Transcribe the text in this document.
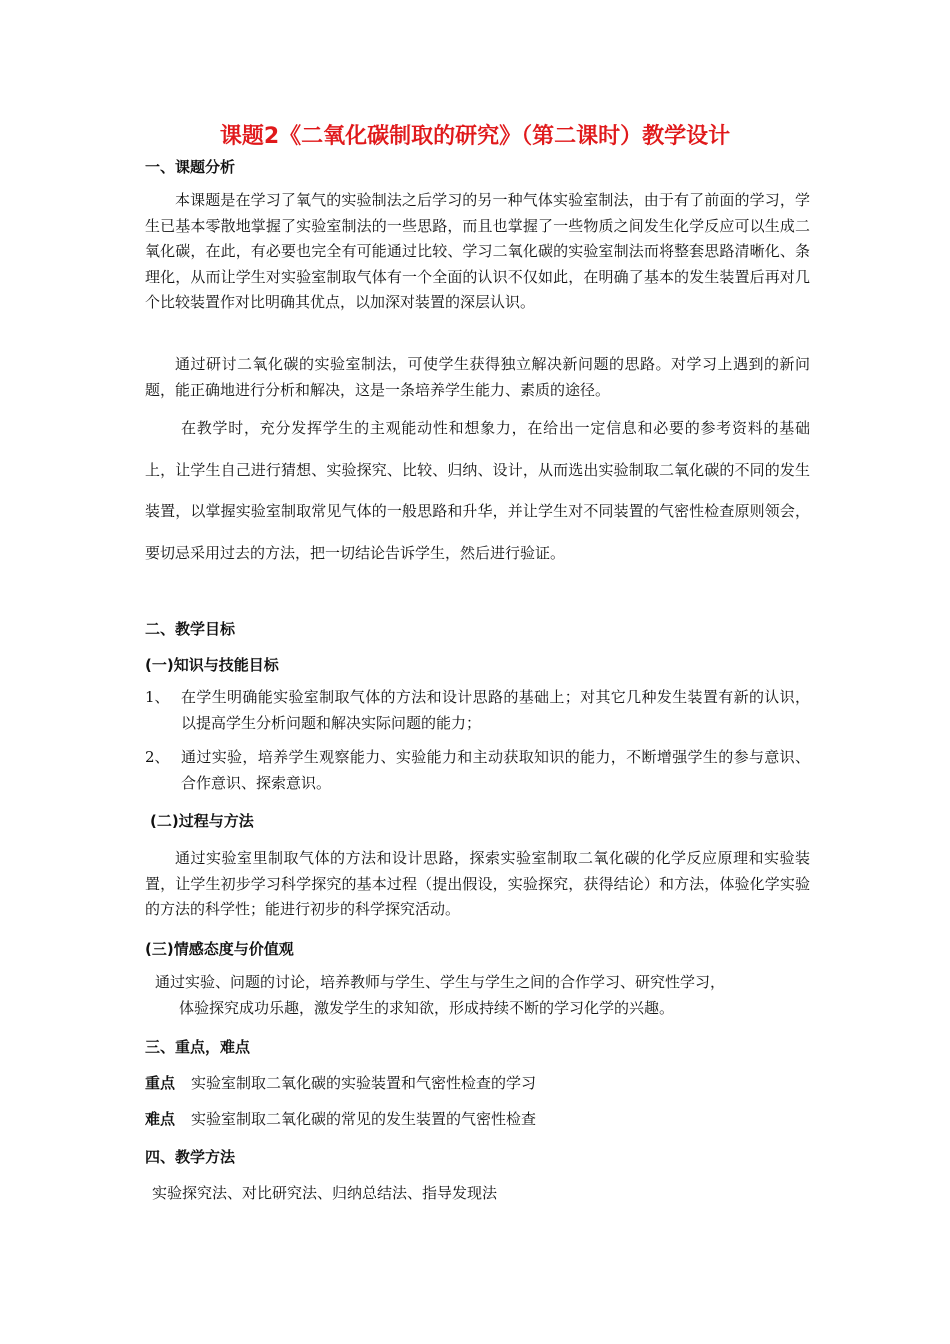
课题2《二氧化碳制取的研究》（第二课时）教学设计
一、课题分析

本课题是在学习了氧气的实验制法之后学习的另一种气体实验室制法，由于有了前面的学习，学生已基本零散地掌握了实验室制法的一些思路，而且也掌握了一些物质之间发生化学反应可以生成二氧化碳，在此，有必要也完全有可能通过比较、学习二氧化碳的实验室制法而将整套思路清晰化、条理化，从而让学生对实验室制取气体有一个全面的认识不仅如此，在明确了基本的发生装置后再对几个比较装置作对比明确其优点，以加深对装置的深层认识。

通过研讨二氧化碳的实验室制法，可使学生获得独立解决新问题的思路。对学习上遇到的新问题，能正确地进行分析和解决，这是一条培养学生能力、素质的途径。

在教学时，充分发挥学生的主观能动性和想象力，在给出一定信息和必要的参考资料的基础上，让学生自己进行猜想、实验探究、比较、归纳、设计，从而选出实验制取二氧化碳的不同的发生装置，以掌握实验室制取常见气体的一般思路和升华，并让学生对不同装置的气密性检查原则领会，要切忌采用过去的方法，把一切结论告诉学生，然后进行验证。

二、教学目标
(一)知识与技能目标
1、 在学生明确能实验室制取气体的方法和设计思路的基础上；对其它几种发生装置有新的认识，以提高学生分析问题和解决实际问题的能力；
2、 通过实验，培养学生观察能力、实验能力和主动获取知识的能力，不断增强学生的参与意识、合作意识、探索意识。
(二)过程与方法

通过实验室里制取气体的方法和设计思路，探索实验室制取二氧化碳的化学反应原理和实验装置，让学生初步学习科学探究的基本过程（提出假设，实验探究，获得结论）和方法，体验化学实验的方法的科学性；能进行初步的科学探究活动。

(三)情感态度与价值观
通过实验、问题的讨论，培养教师与学生、学生与学生之间的合作学习、研究性学习，
体验探究成功乐趣，激发学生的求知欲，形成持续不断的学习化学的兴趣。
三、重点，难点
重点 实验室制取二氧化碳的实验装置和气密性检查的学习
难点 实验室制取二氧化碳的常见的发生装置的气密性检查
四、教学方法
实验探究法、对比研究法、归纳总结法、指导发现法
